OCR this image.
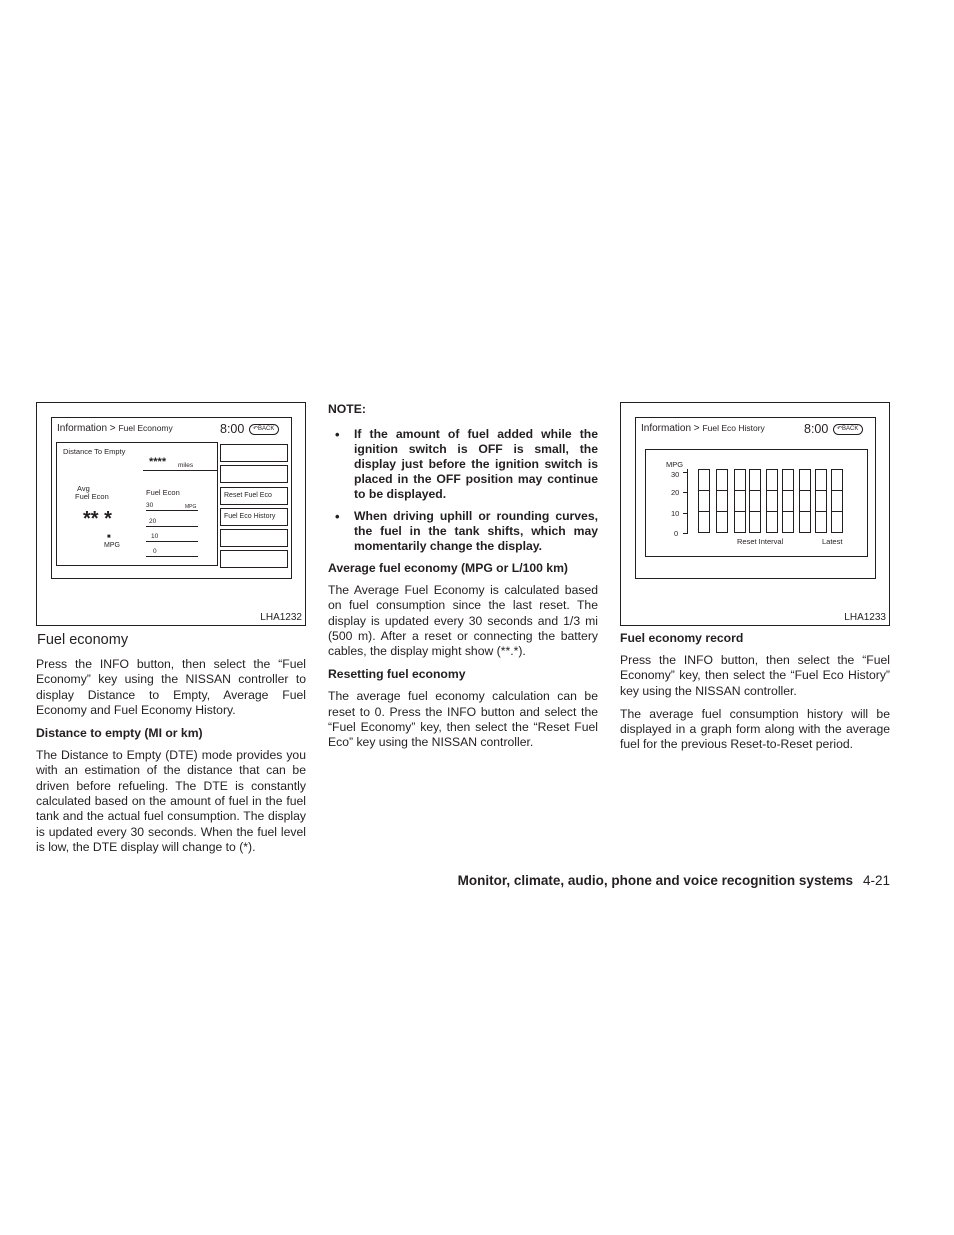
Information > Fuel Economy	8:00	↶BACK
Distance To Empty
**** miles
Avg
Fuel Econ
** *
■
MPG
Fuel Econ
30	MPG
20
10
0
Reset Fuel Eco
Fuel Eco History
LHA1232
Fuel economy

Press the INFO button, then select the “Fuel Economy” key using the NISSAN controller to display Distance to Empty, Average Fuel Economy and Fuel Economy History.

Distance to empty (MI or km)

The Distance to Empty (DTE) mode provides you with an estimation of the distance that can be driven before refueling. The DTE is constantly calculated based on the amount of fuel in the fuel tank and the actual fuel consumption. The display is updated every 30 seconds. When the fuel level is low, the DTE display will change to (*).

NOTE:
• If the amount of fuel added while the ignition switch is OFF is small, the display just before the ignition switch is placed in the OFF position may continue to be displayed.
• When driving uphill or rounding curves, the fuel in the tank shifts, which may momentarily change the display.
Average fuel economy (MPG or L/100 km)

The Average Fuel Economy is calculated based on fuel consumption since the last reset. The display is updated every 30 seconds and 1/3 mi (500 m). After a reset or connecting the battery cables, the display might show (**.*).

Resetting fuel economy

The average fuel economy calculation can be reset to 0. Press the INFO button and select the “Fuel Economy” key, then select the “Reset Fuel Eco” key using the NISSAN controller.

Information > Fuel Eco History	8:00	↶BACK
LHA1233
Fuel economy record

Press the INFO button, then select the “Fuel Economy” key, then select the “Fuel Eco History” key using the NISSAN controller.

The average fuel consumption history will be displayed in a graph form along with the average fuel for the previous Reset-to-Reset period.

MPG
30
20
10
0
Reset Interval	Latest
Monitor, climate, audio, phone and voice recognition systems 4-21
